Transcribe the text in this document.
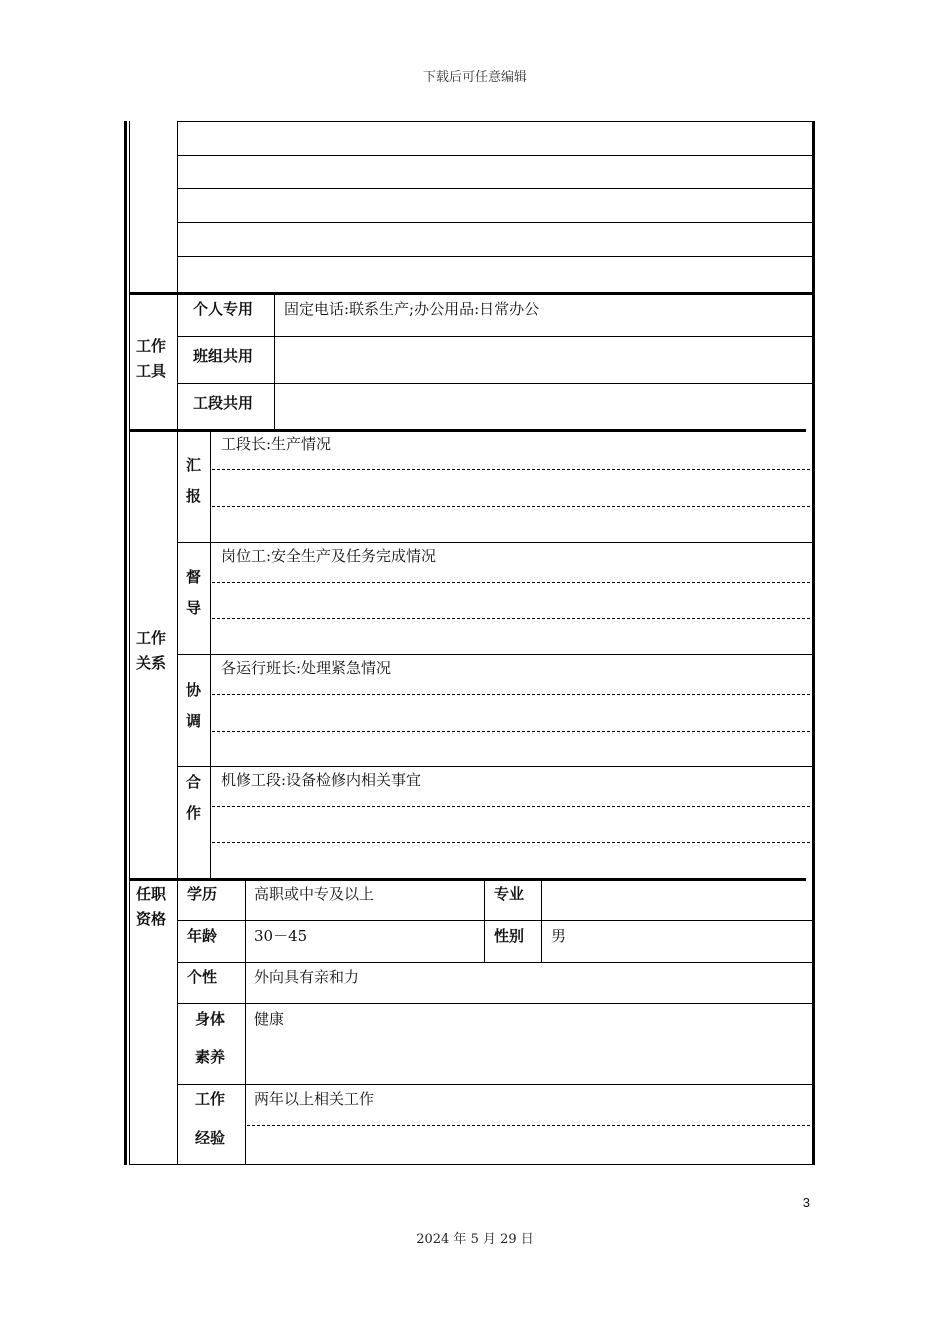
下载后可任意编辑
3
2024 年 5 月 29 日
工作
工具
个人专用 固定电话:联系生产;办公用品:日常办公
班组共用
工段共用
工作
关系
汇
报
工段长:生产情况
督
导
岗位工:安全生产及任务完成情况
协
调
各运行班长:处理紧急情况
合
作
机修工段:设备检修内相关事宜
任职
资格
学历 高职或中专及以上	专业
年龄 30－45	性别 男
个性 外向具有亲和力
身体
素养
健康
工作
经验
两年以上相关工作
